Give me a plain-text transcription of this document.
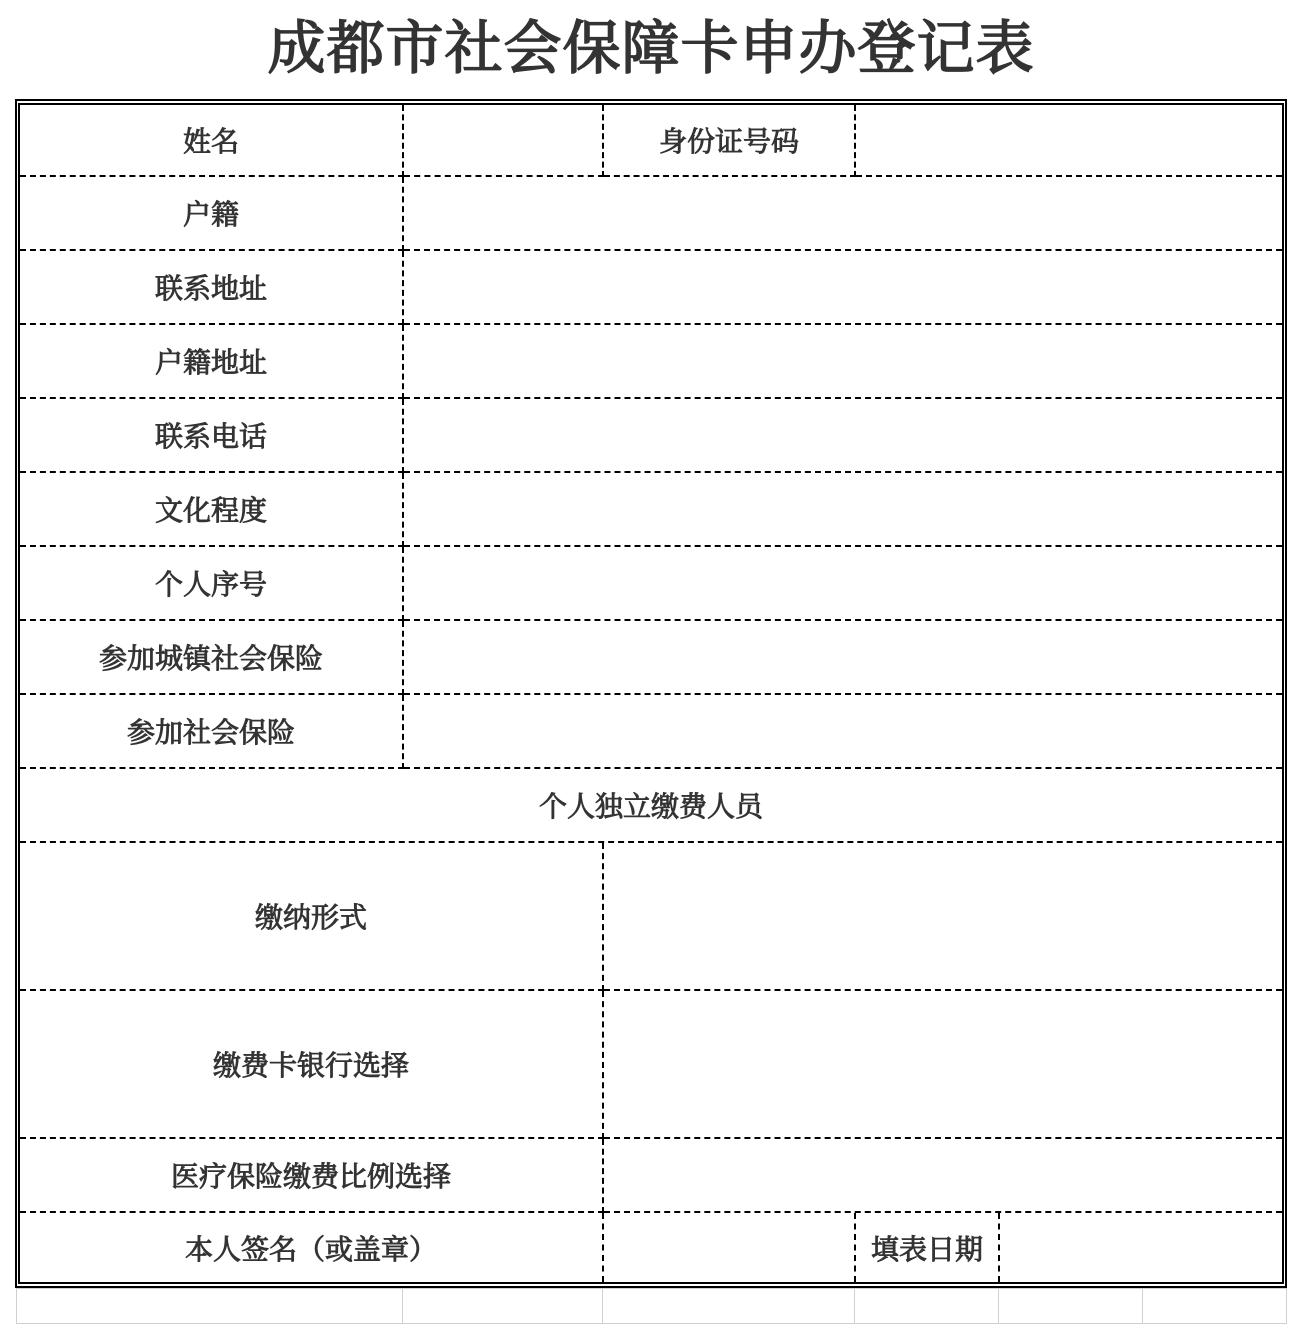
成都市社会保障卡申办登记表
姓名	身份证号码
户籍
联系地址
户籍地址
联系电话
文化程度
个人序号
参加城镇社会保险
参加社会保险
个人独立缴费人员
缴纳形式
缴费卡银行选择
医疗保险缴费比例选择
本人签名（或盖章）	填表日期
